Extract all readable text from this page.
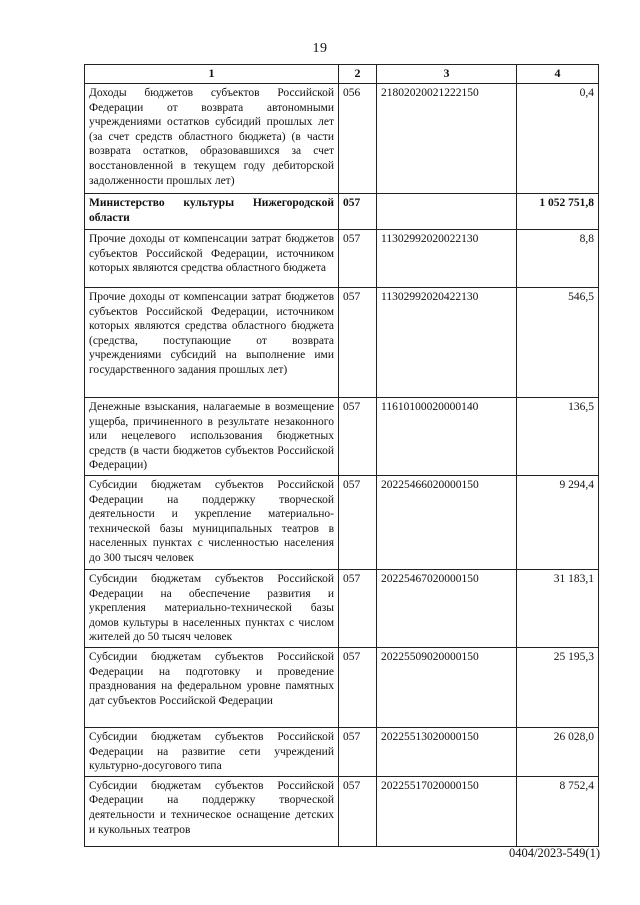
19
1	2	3	4
Доходы бюджетов субъектов Российской Федерации от возврата автономными учреждениями остатков субсидий прошлых лет (за счет средств областного бюджета) (в части возврата остатков, образовавшихся за счет восстановленной в текущем году дебиторской задолженности прошлых лет)	056	21802020021222150	0,4
Министерство культуры Нижегородской области	057		1 052 751,8
Прочие доходы от компенсации затрат бюджетов субъектов Российской Федерации, источником которых являются средства областного бюджета	057	11302992020022130	8,8
Прочие доходы от компенсации затрат бюджетов субъектов Российской Федерации, источником которых являются средства областного бюджета (средства, поступающие от возврата учреждениями субсидий на выполнение ими государственного задания прошлых лет)	057	11302992020422130	546,5
Денежные взыскания, налагаемые в возмещение ущерба, причиненного в результате незаконного или нецелевого использования бюджетных средств (в части бюджетов субъектов Российской Федерации)	057	11610100020000140	136,5
Субсидии бюджетам субъектов Российской Федерации на поддержку творческой деятельности и укрепление материально-технической базы муниципальных театров в населенных пунктах с численностью населения до 300 тысяч человек	057	20225466020000150	9 294,4
Субсидии бюджетам субъектов Российской Федерации на обеспечение развития и укрепления материально-технической базы домов культуры в населенных пунктах с числом жителей до 50 тысяч человек	057	20225467020000150	31 183,1
Субсидии бюджетам субъектов Российской Федерации на подготовку и проведение празднования на федеральном уровне памятных дат субъектов Российской Федерации	057	20225509020000150	25 195,3
Субсидии бюджетам субъектов Российской Федерации на развитие сети учреждений культурно-досугового типа	057	20225513020000150	26 028,0
Субсидии бюджетам субъектов Российской Федерации на поддержку творческой деятельности и техническое оснащение детских и кукольных театров	057	20225517020000150	8 752,4
0404/2023-549(1)
